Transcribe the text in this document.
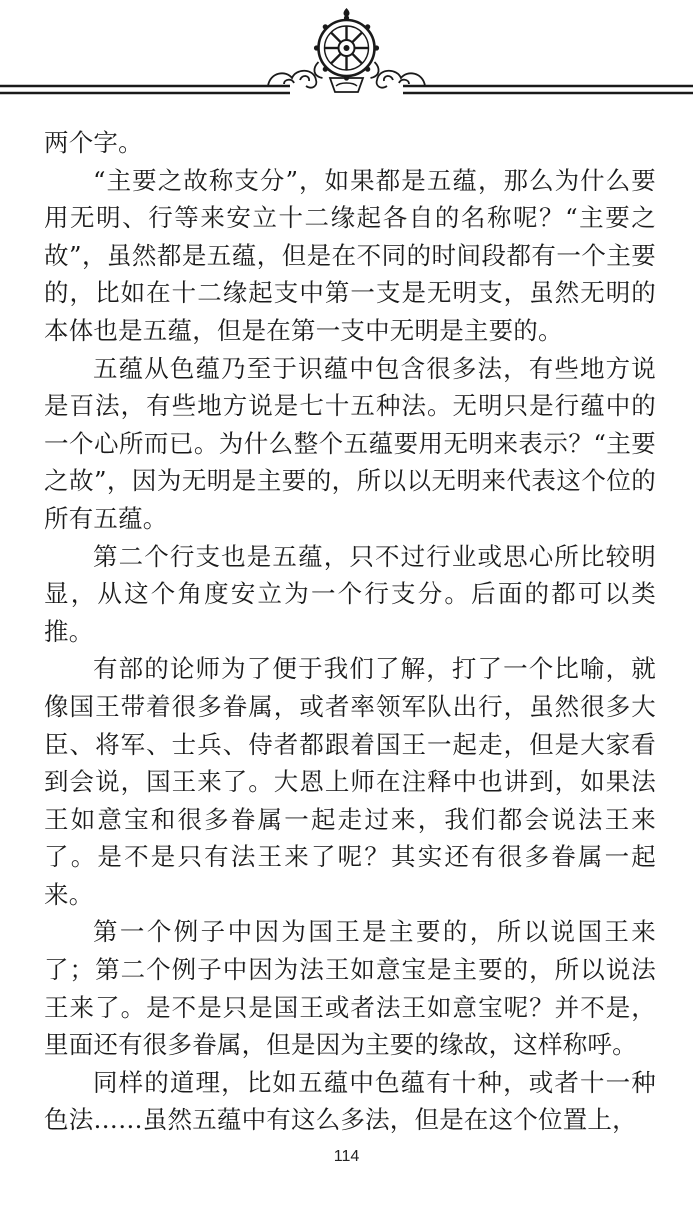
两个字。

“主要之故称支分”，如果都是五蕴，那么为什么要用无明、行等来安立十二缘起各自的名称呢？“主要之故”，虽然都是五蕴，但是在不同的时间段都有一个主要的，比如在十二缘起支中第一支是无明支，虽然无明的本体也是五蕴，但是在第一支中无明是主要的。

五蕴从色蕴乃至于识蕴中包含很多法，有些地方说是百法，有些地方说是七十五种法。无明只是行蕴中的一个心所而已。为什么整个五蕴要用无明来表示？“主要之故”，因为无明是主要的，所以以无明来代表这个位的所有五蕴。

第二个行支也是五蕴，只不过行业或思心所比较明显，从这个角度安立为一个行支分。后面的都可以类推。

有部的论师为了便于我们了解，打了一个比喻，就像国王带着很多眷属，或者率领军队出行，虽然很多大臣、将军、士兵、侍者都跟着国王一起走，但是大家看到会说，国王来了。大恩上师在注释中也讲到，如果法王如意宝和很多眷属一起走过来，我们都会说法王来了。是不是只有法王来了呢？其实还有很多眷属一起来。

第一个例子中因为国王是主要的，所以说国王来了；第二个例子中因为法王如意宝是主要的，所以说法王来了。是不是只是国王或者法王如意宝呢？并不是，里面还有很多眷属，但是因为主要的缘故，这样称呼。

同样的道理，比如五蕴中色蕴有十种，或者十一种色法……虽然五蕴中有这么多法，但是在这个位置上，

114
